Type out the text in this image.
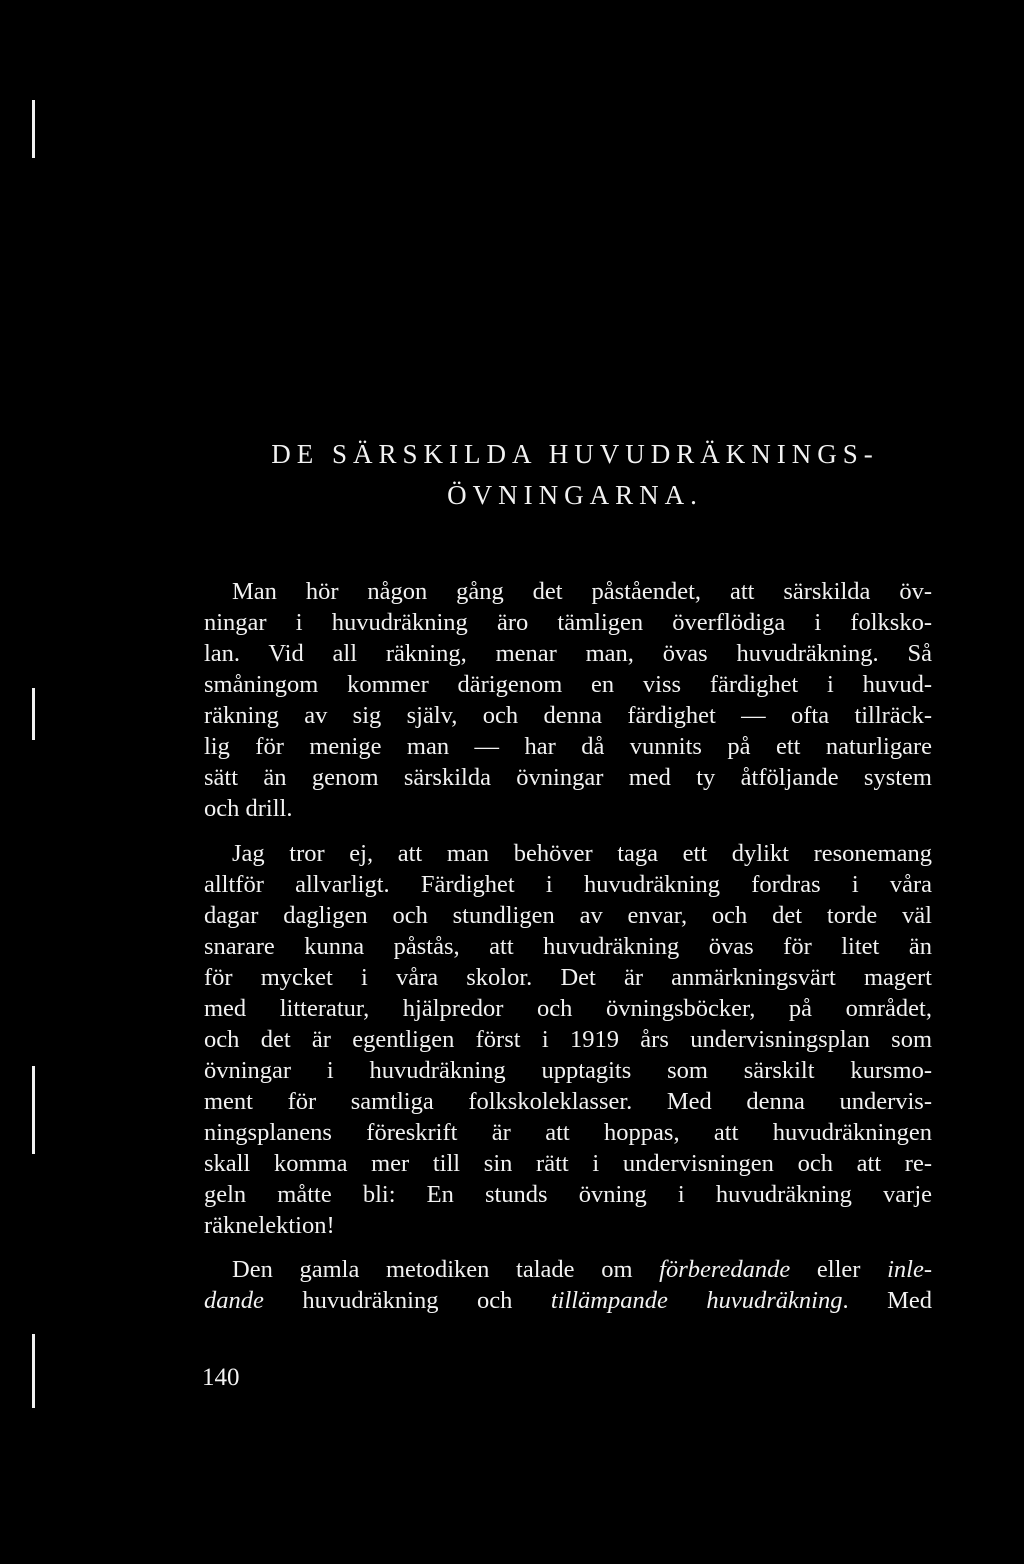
DE SÄRSKILDA HUVUDRÄKNINGS-
ÖVNINGARNA.
Man hör någon gång det påståendet, att särskilda öv-
ningar i huvudräkning äro tämligen överflödiga i folksko-
lan. Vid all räkning, menar man, övas huvudräkning. Så
småningom kommer därigenom en viss färdighet i huvud-
räkning av sig själv, och denna färdighet — ofta tillräck-
lig för menige man — har då vunnits på ett naturligare
sätt än genom särskilda övningar med ty åtföljande system
och drill.
Jag tror ej, att man behöver taga ett dylikt resonemang
alltför allvarligt. Färdighet i huvudräkning fordras i våra
dagar dagligen och stundligen av envar, och det torde väl
snarare kunna påstås, att huvudräkning övas för litet än
för mycket i våra skolor. Det är anmärkningsvärt magert
med litteratur, hjälpredor och övningsböcker, på området,
och det är egentligen först i 1919 års undervisningsplan som
övningar i huvudräkning upptagits som särskilt kursmo-
ment för samtliga folkskoleklasser. Med denna undervis-
ningsplanens föreskrift är att hoppas, att huvudräkningen
skall komma mer till sin rätt i undervisningen och att re-
geln måtte bli: En stunds övning i huvudräkning varje
räknelektion!
Den gamla metodiken talade om förberedande eller inle-
dande huvudräkning och tillämpande huvudräkning. Med
140
